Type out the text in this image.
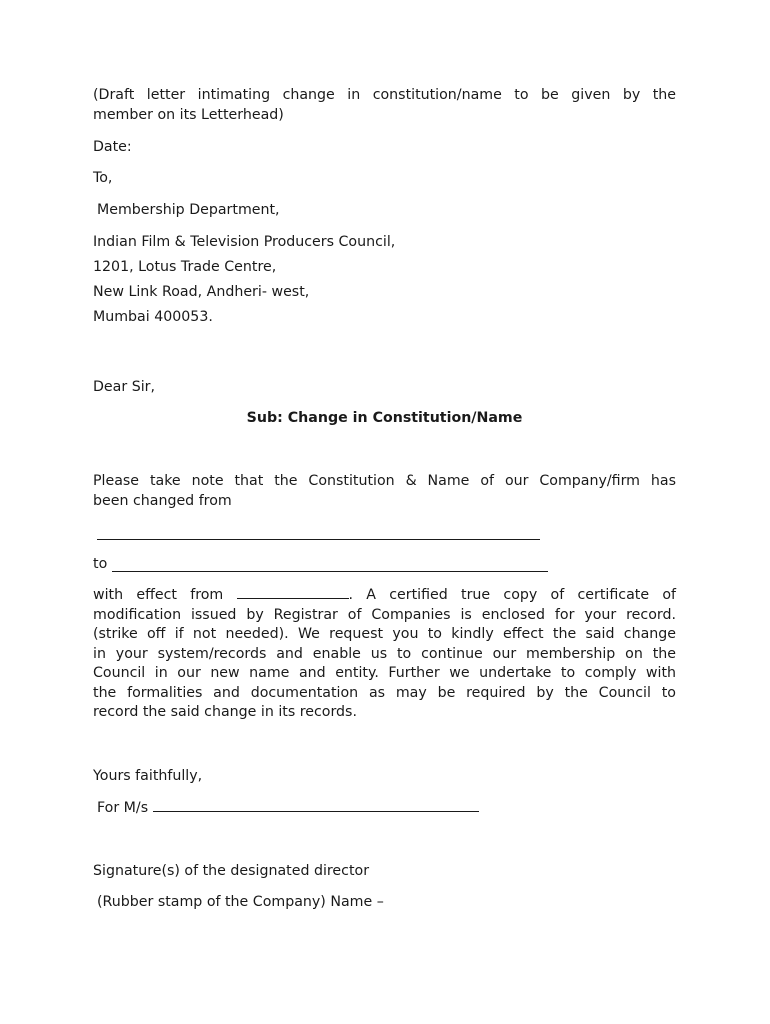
(Draft letter intimating change in constitution/name to be given by the
member on its Letterhead)
Date:
To,
Membership Department,
Indian Film & Television Producers Council,
1201, Lotus Trade Centre,
New Link Road, Andheri- west,
Mumbai 400053.
Dear Sir,
Sub: Change in Constitution/Name
Please take note that the Constitution & Name of our Company/firm has
been changed from
to
with effect from	. A certified true copy of certificate of
modification issued by Registrar of Companies is enclosed for your record.
(strike off if not needed). We request you to kindly effect the said change
in your system/records and enable us to continue our membership on the
Council in our new name and entity. Further we undertake to comply with
the formalities and documentation as may be required by the Council to
record the said change in its records.
Yours faithfully,
For M/s
Signature(s) of the designated director
(Rubber stamp of the Company) Name –
